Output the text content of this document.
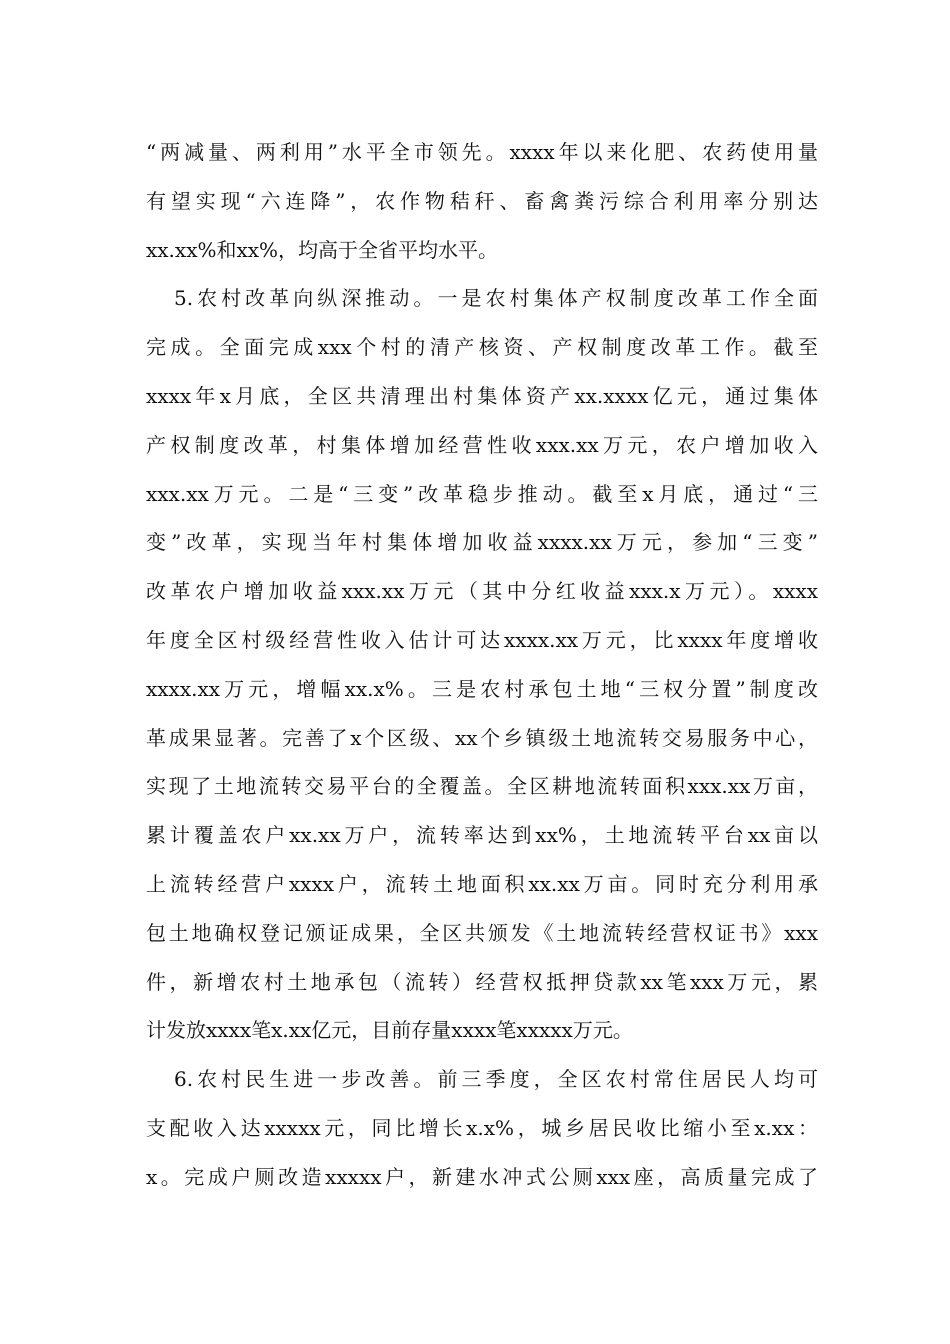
“两减量、两利用”水平全市领先。xxxx年以来化肥、农药使用量
有望实现“六连降”，农作物秸秆、畜禽粪污综合利用率分别达
xx.xx%和xx%，均高于全省平均水平。

5.农村改革向纵深推动。一是农村集体产权制度改革工作全面
完成。全面完成xxx个村的清产核资、产权制度改革工作。截至
xxxx年x月底，全区共清理出村集体资产xx.xxxx亿元，通过集体
产权制度改革，村集体增加经营性收xxx.xx万元，农户增加收入
xxx.xx万元。二是“三变”改革稳步推动。截至x月底，通过“三
变”改革，实现当年村集体增加收益xxxx.xx万元，参加“三变”
改革农户增加收益xxx.xx万元（其中分红收益xxx.x万元）。xxxx
年度全区村级经营性收入估计可达xxxx.xx万元，比xxxx年度增收
xxxx.xx万元，增幅xx.x%。三是农村承包土地“三权分置”制度改
革成果显著。完善了x个区级、xx个乡镇级土地流转交易服务中心，
实现了土地流转交易平台的全覆盖。全区耕地流转面积xxx.xx万亩，
累计覆盖农户xx.xx万户，流转率达到xx%，土地流转平台xx亩以
上流转经营户xxxx户，流转土地面积xx.xx万亩。同时充分利用承
包土地确权登记颁证成果，全区共颁发《土地流转经营权证书》xxx
件，新增农村土地承包（流转）经营权抵押贷款xx笔xxx万元，累
计发放xxxx笔x.xx亿元，目前存量xxxx笔xxxxx万元。

6.农村民生进一步改善。前三季度，全区农村常住居民人均可
支配收入达xxxxx元，同比增长x.x%，城乡居民收比缩小至x.xx：
x。完成户厕改造xxxxx户，新建水冲式公厕xxx座，高质量完成了
